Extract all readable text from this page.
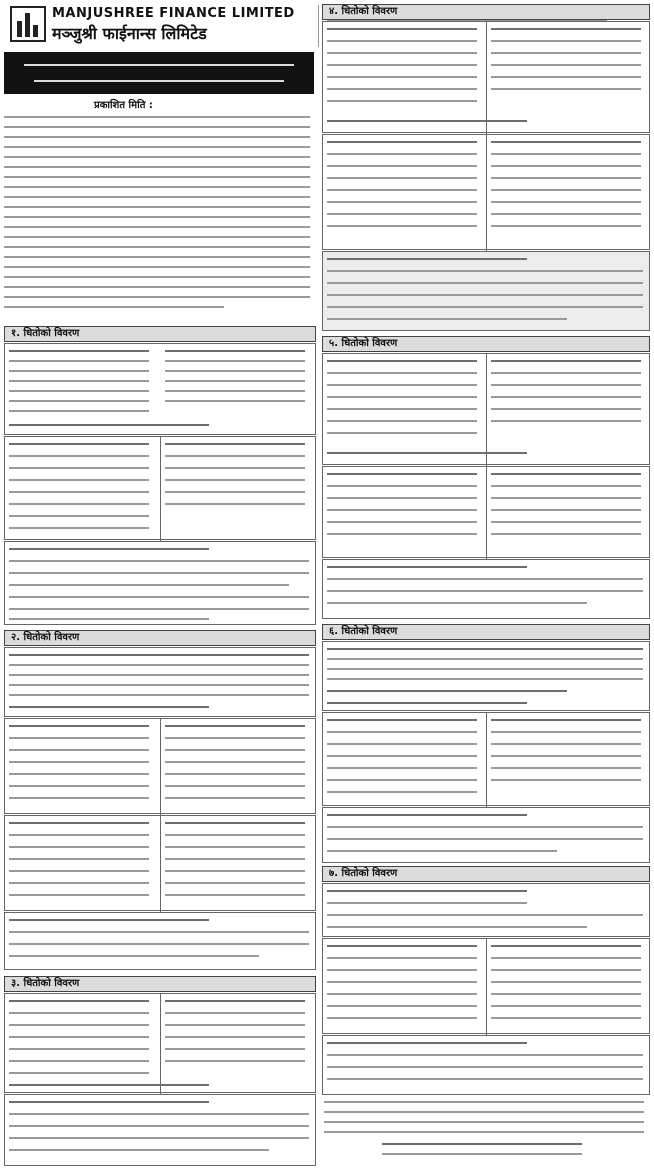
MANJUSHREE FINANCE LIMITED
मञ्जुश्री फाईनान्स लिमिटेड
प्रकाशित मिति :
१. धितोको विवरण
२. धितोको विवरण
३. धितोको विवरण
४. धितोको विवरण
५. धितोको विवरण
६. धितोको विवरण
७. धितोको विवरण
